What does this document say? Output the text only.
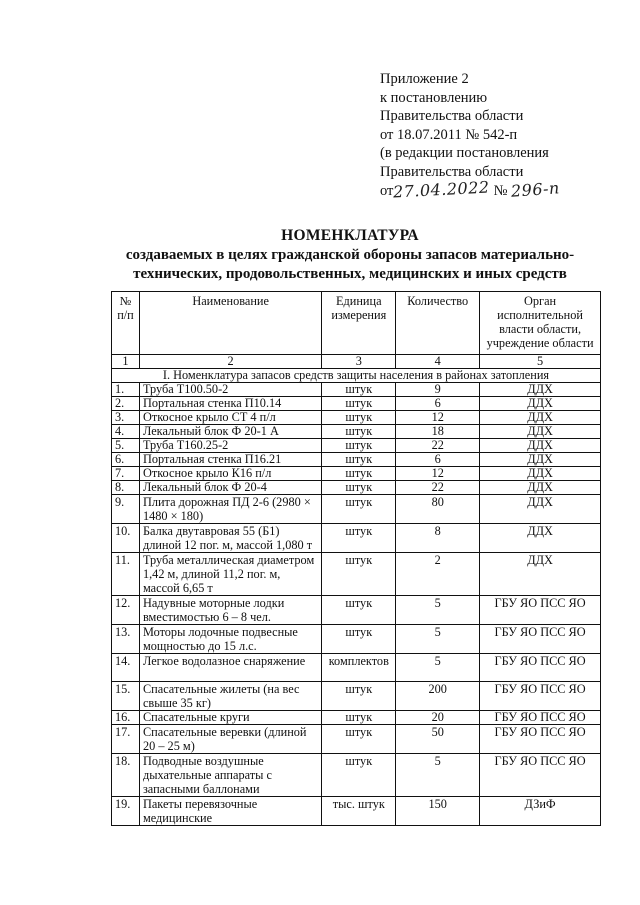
Приложение 2
к постановлению
Правительства области
от 18.07.2011 № 542-п
(в редакции постановления
Правительства области
от27.04.2022 № 296-п
НОМЕНКЛАТУРА
создаваемых в целях гражданской обороны запасов материально-
технических, продовольственных, медицинских и иных средств
№ п/п	Наименование	Единица измерения	Количество	Орган исполнительной власти области, учреждение области
1	2	3	4	5
I. Номенклатура запасов средств защиты населения в районах затопления				
1.	Труба Т100.50-2	штук	9	ДДХ
2.	Портальная стенка П10.14	штук	6	ДДХ
3.	Откосное крыло СТ 4 п/л	штук	12	ДДХ
4.	Лекальный блок Ф 20-1 А	штук	18	ДДХ
5.	Труба Т160.25-2	штук	22	ДДХ
6.	Портальная стенка П16.21	штук	6	ДДХ
7.	Откосное крыло К16 п/л	штук	12	ДДХ
8.	Лекальный блок Ф 20-4	штук	22	ДДХ
9.	Плита дорожная ПД 2-6 (2980 × 1480 × 180)	штук	80	ДДХ
10.	Балка двутавровая 55 (Б1) длиной 12 пог. м, массой 1,080 т	штук	8	ДДХ
11.	Труба металлическая диаметром 1,42 м, длиной 11,2 пог. м, массой 6,65 т	штук	2	ДДХ
12.	Надувные моторные лодки вместимостью 6 – 8 чел.	штук	5	ГБУ ЯО ПСС ЯО
13.	Моторы лодочные подвесные мощностью до 15 л.с.	штук	5	ГБУ ЯО ПСС ЯО
14.	Легкое водолазное снаряжение	комплектов	5	ГБУ ЯО ПСС ЯО
15.	Спасательные жилеты (на вес свыше 35 кг)	штук	200	ГБУ ЯО ПСС ЯО
16.	Спасательные круги	штук	20	ГБУ ЯО ПСС ЯО
17.	Спасательные веревки (длиной 20 – 25 м)	штук	50	ГБУ ЯО ПСС ЯО
18.	Подводные воздушные дыхательные аппараты с запасными баллонами	штук	5	ГБУ ЯО ПСС ЯО
19.	Пакеты перевязочные медицинские	тыс. штук	150	ДЗиФ
